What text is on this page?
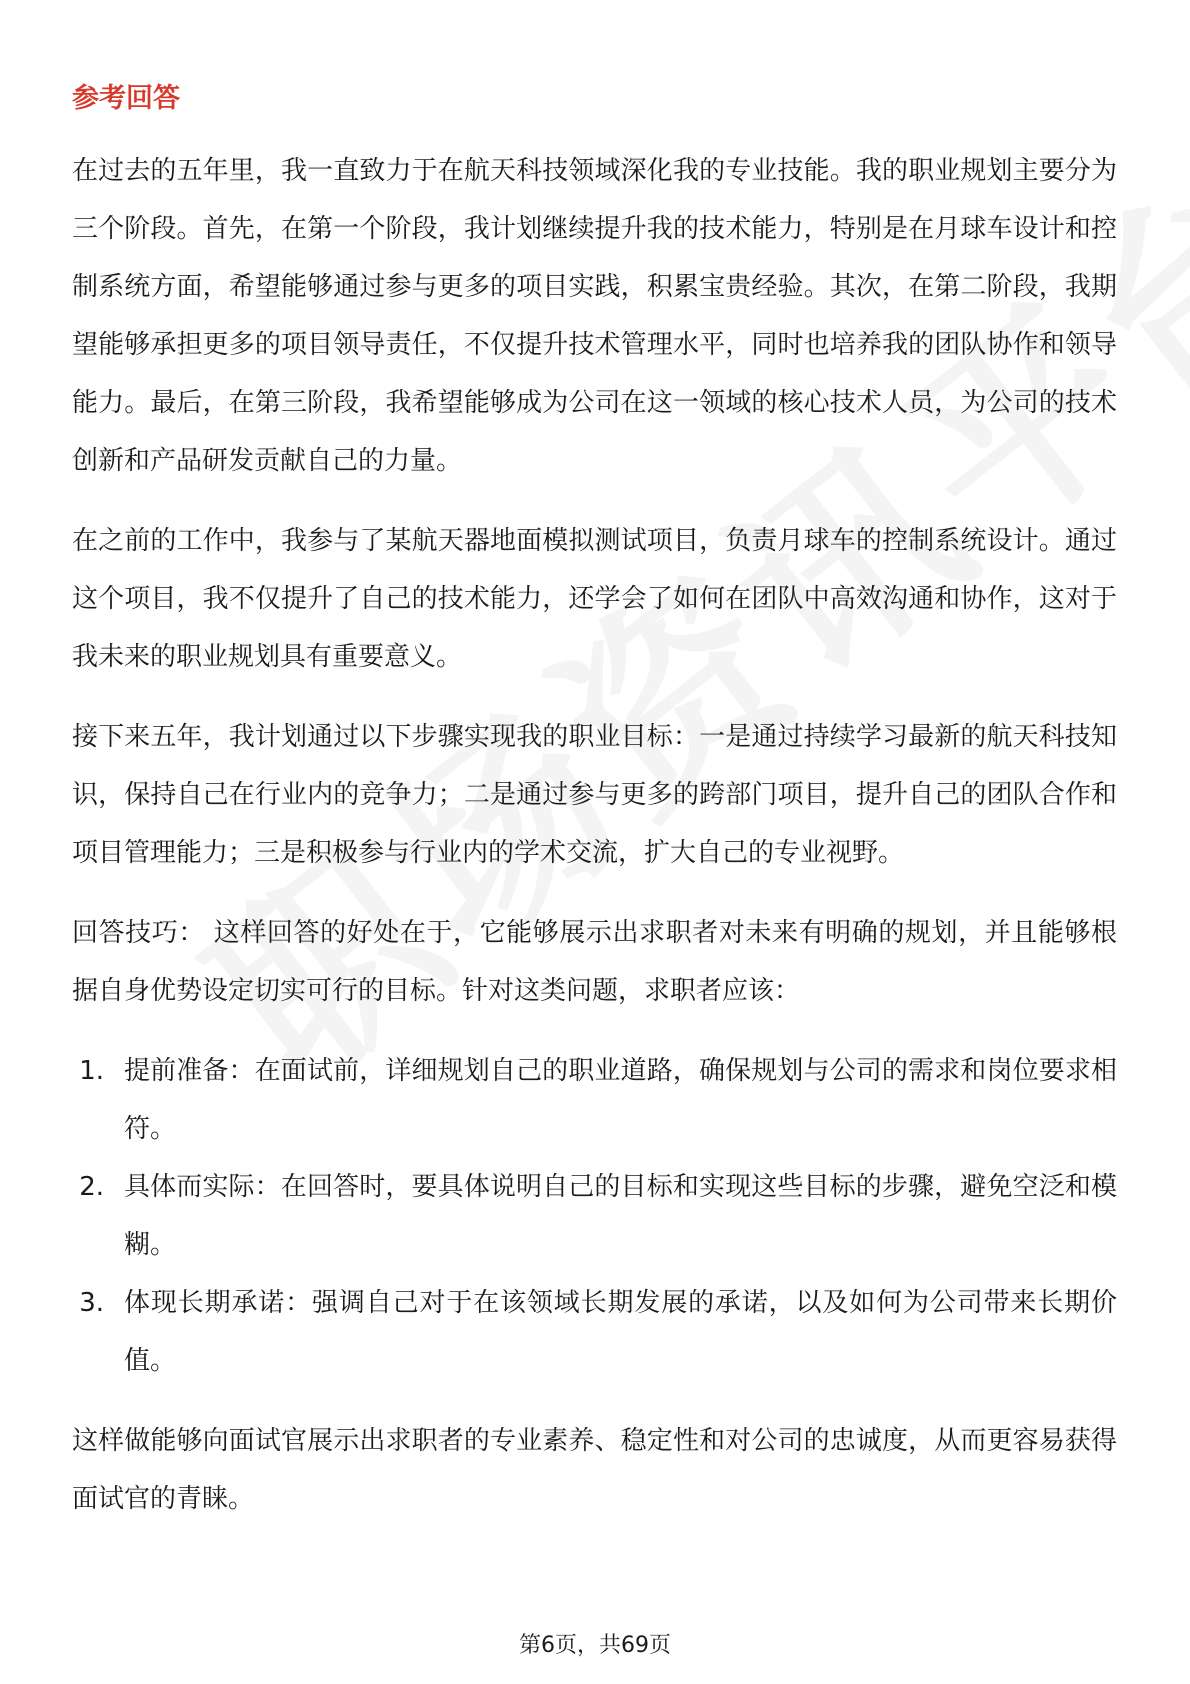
参考回答

在过去的五年里，我一直致力于在航天科技领域深化我的专业技能。我的职业规划主要分为三个阶段。首先，在第一个阶段，我计划继续提升我的技术能力，特别是在月球车设计和控制系统方面，希望能够通过参与更多的项目实践，积累宝贵经验。其次，在第二阶段，我期望能够承担更多的项目领导责任，不仅提升技术管理水平，同时也培养我的团队协作和领导能力。最后，在第三阶段，我希望能够成为公司在这一领域的核心技术人员，为公司的技术创新和产品研发贡献自己的力量。

在之前的工作中，我参与了某航天器地面模拟测试项目，负责月球车的控制系统设计。通过这个项目，我不仅提升了自己的技术能力，还学会了如何在团队中高效沟通和协作，这对于我未来的职业规划具有重要意义。

接下来五年，我计划通过以下步骤实现我的职业目标：一是通过持续学习最新的航天科技知识，保持自己在行业内的竞争力；二是通过参与更多的跨部门项目，提升自己的团队合作和项目管理能力；三是积极参与行业内的学术交流，扩大自己的专业视野。

回答技巧： 这样回答的好处在于，它能够展示出求职者对未来有明确的规划，并且能够根据自身优势设定切实可行的目标。针对这类问题，求职者应该：

1. 提前准备：在面试前，详细规划自己的职业道路，确保规划与公司的需求和岗位要求相符。
2. 具体而实际：在回答时，要具体说明自己的目标和实现这些目标的步骤，避免空泛和模糊。
3. 体现长期承诺：强调自己对于在该领域长期发展的承诺，以及如何为公司带来长期价值。

这样做能够向面试官展示出求职者的专业素养、稳定性和对公司的忠诚度，从而更容易获得面试官的青睐。

第6页，共69页
